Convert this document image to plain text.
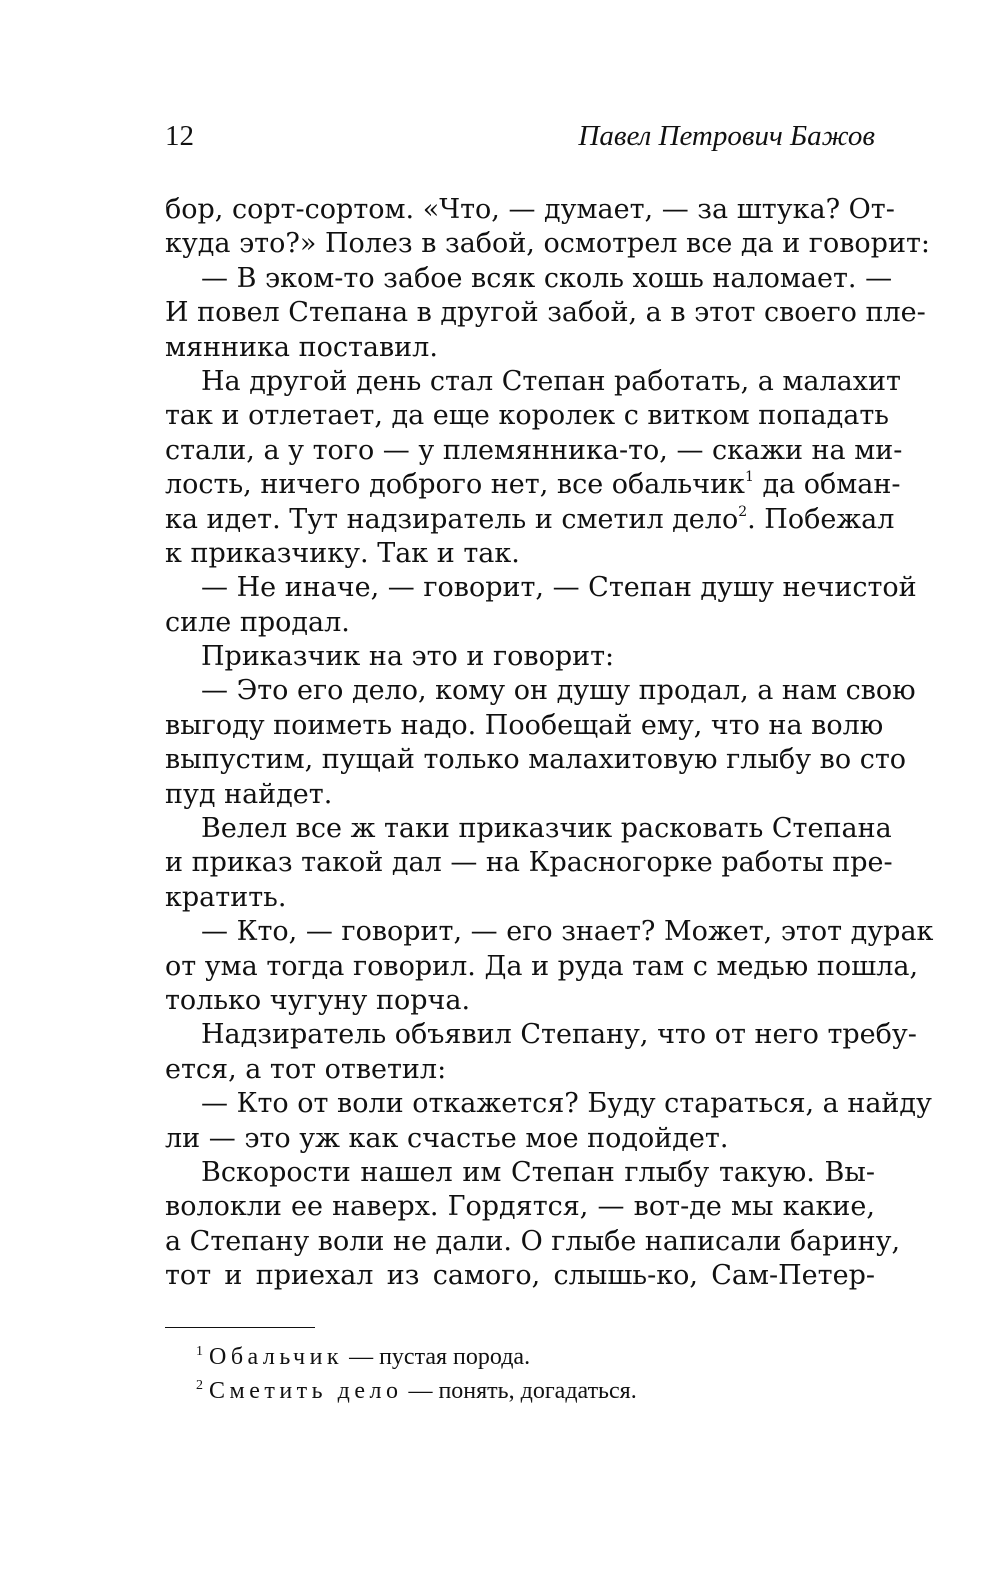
12	Павел Петрович Бажов
бор, сорт-сортом. «Что, — думает, — за штука? От-
куда это?» Полез в забой, осмотрел все да и говорит:
— В эком-то забое всяк сколь хошь наломает. —
И повел Степана в другой забой, а в этот своего пле-
мянника поставил.
На другой день стал Степан работать, а малахит
так и отлетает, да еще королек с витком попадать
стали, а у того — у племянника-то, — скажи на ми-
лость, ничего доброго нет, все обальчик$^1$ да обман-
ка идет. Тут надзиратель и сметил дело$^2$. Побежал
к приказчику. Так и так.
— Не иначе, — говорит, — Степан душу нечистой
силе продал.
Приказчик на это и говорит:
— Это его дело, кому он душу продал, а нам свою
выгоду поиметь надо. Пообещай ему, что на волю
выпустим, пущай только малахитовую глыбу во сто
пуд найдет.
Велел все ж таки приказчик расковать Степана
и приказ такой дал — на Красногорке работы пре-
кратить.
— Кто, — говорит, — его знает? Может, этот дурак
от ума тогда говорил. Да и руда там с медью пошла,
только чугуну порча.
Надзиратель объявил Степану, что от него требу-
ется, а тот ответил:
— Кто от воли откажется? Буду стараться, а найду
ли — это уж как счастье мое подойдет.
Вскорости нашел им Степан глыбу такую. Вы-
волокли ее наверх. Гордятся, — вот-де мы какие,
а Степану воли не дали. О глыбе написали барину,
тот и приехал из самого, слышь-ко, Сам-Петер-
$^1$ Обальчик — пустая порода.
$^2$ Сметить дело — понять, догадаться.
